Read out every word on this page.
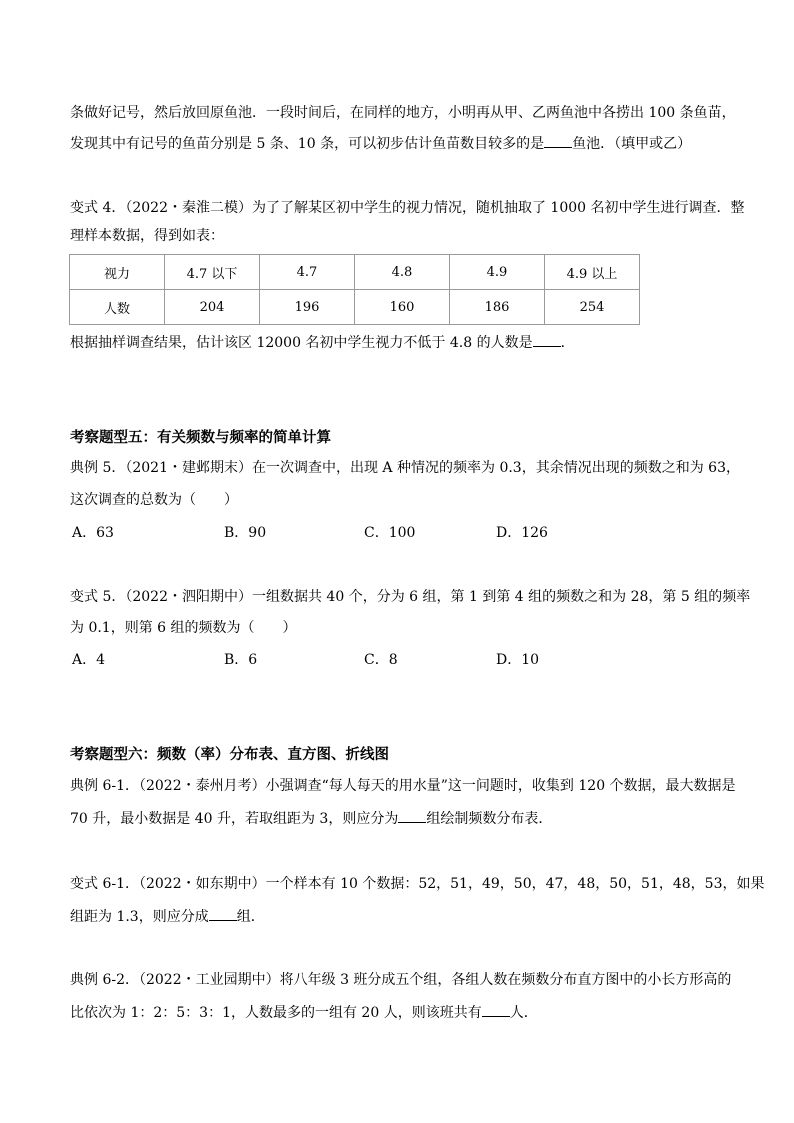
条做好记号，然后放回原鱼池．一段时间后，在同样的地方，小明再从甲、乙两鱼池中各捞出 100 条鱼苗，
发现其中有记号的鱼苗分别是 5 条、10 条，可以初步估计鱼苗数目较多的是 鱼池．（填甲或乙）
变式 4．（2022・秦淮二模）为了了解某区初中学生的视力情况，随机抽取了 1000 名初中学生进行调查．整
理样本数据，得到如表：
视力	4.7 以下	4.7	4.8	4.9	4.9 以上
人数	204	196	160	186	254
根据抽样调查结果，估计该区 12000 名初中学生视力不低于 4.8 的人数是 ．
考察题型五：有关频数与频率的简单计算
典例 5．（2021・建邺期末）在一次调查中，出现 A 种情况的频率为 0.3，其余情况出现的频数之和为 63，
这次调查的总数为（　　）
A．63	B．90	C．100	D．126
变式 5．（2022・泗阳期中）一组数据共 40 个，分为 6 组，第 1 到第 4 组的频数之和为 28，第 5 组的频率
为 0.1，则第 6 组的频数为（　　）
A．4	B．6	C．8	D．10
考察题型六：频数（率）分布表、直方图、折线图
典例 6-1．（2022・泰州月考）小强调查“每人每天的用水量”这一问题时，收集到 120 个数据，最大数据是
70 升，最小数据是 40 升，若取组距为 3，则应分为 组绘制频数分布表．
变式 6-1．（2022・如东期中）一个样本有 10 个数据：52，51，49，50，47，48，50，51，48，53，如果
组距为 1.3，则应分成 组．
典例 6-2．（2022・工业园期中）将八年级 3 班分成五个组，各组人数在频数分布直方图中的小长方形高的
比依次为 1：2：5：3：1，人数最多的一组有 20 人，则该班共有 人．
